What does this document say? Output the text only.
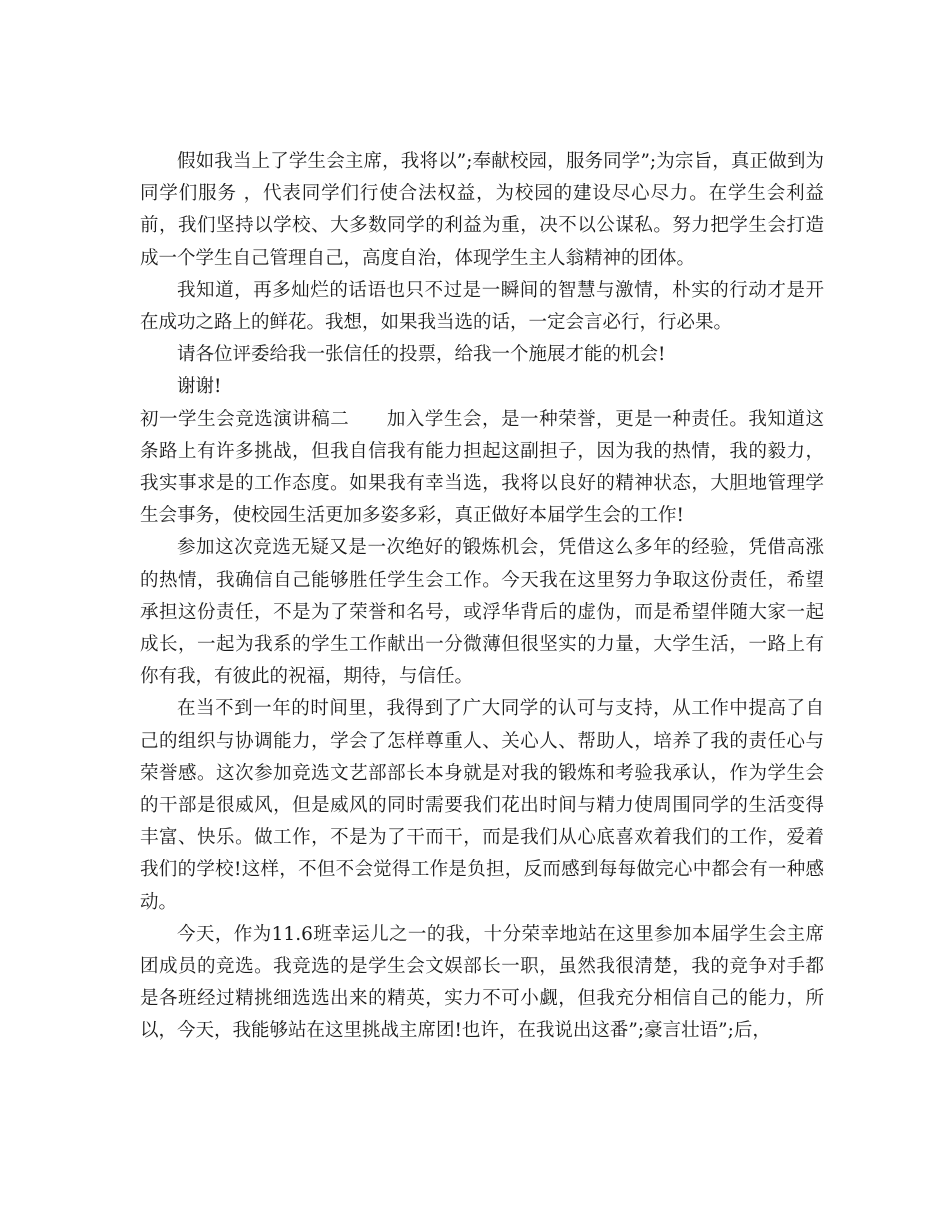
假如我当上了学生会主席，我将以”;奉献校园，服务同学”;为宗旨，真正做到为同学们服务 ，代表同学们行使合法权益，为校园的建设尽心尽力。在学生会利益前，我们坚持以学校、大多数同学的利益为重，决不以公谋私。努力把学生会打造成一个学生自己管理自己，高度自治，体现学生主人翁精神的团体。

我知道，再多灿烂的话语也只不过是一瞬间的智慧与激情，朴实的行动才是开在成功之路上的鲜花。我想，如果我当选的话，一定会言必行，行必果。

请各位评委给我一张信任的投票，给我一个施展才能的机会!

谢谢!

初一学生会竞选演讲稿二   加入学生会，是一种荣誉，更是一种责任。我知道这条路上有许多挑战，但我自信我有能力担起这副担子，因为我的热情，我的毅力，我实事求是的工作态度。如果我有幸当选，我将以良好的精神状态，大胆地管理学生会事务，使校园生活更加多姿多彩，真正做好本届学生会的工作!

参加这次竞选无疑又是一次绝好的锻炼机会，凭借这么多年的经验，凭借高涨的热情，我确信自己能够胜任学生会工作。今天我在这里努力争取这份责任，希望承担这份责任，不是为了荣誉和名号，或浮华背后的虚伪，而是希望伴随大家一起成长，一起为我系的学生工作献出一分微薄但很坚实的力量，大学生活，一路上有你有我，有彼此的祝福，期待，与信任。

在当不到一年的时间里，我得到了广大同学的认可与支持，从工作中提高了自己的组织与协调能力，学会了怎样尊重人、关心人、帮助人，培养了我的责任心与荣誉感。这次参加竞选文艺部部长本身就是对我的锻炼和考验我承认，作为学生会的干部是很威风，但是威风的同时需要我们花出时间与精力使周围同学的生活变得丰富、快乐。做工作，不是为了干而干，而是我们从心底喜欢着我们的工作，爱着我们的学校!这样，不但不会觉得工作是负担，反而感到每每做完心中都会有一种感动。

今天，作为11.6班幸运儿之一的我，十分荣幸地站在这里参加本届学生会主席团成员的竞选。我竞选的是学生会文娱部长一职，虽然我很清楚，我的竞争对手都是各班经过精挑细选选出来的精英，实力不可小觑，但我充分相信自己的能力，所以，今天，我能够站在这里挑战主席团!也许，在我说出这番”;豪言壮语”;后，
